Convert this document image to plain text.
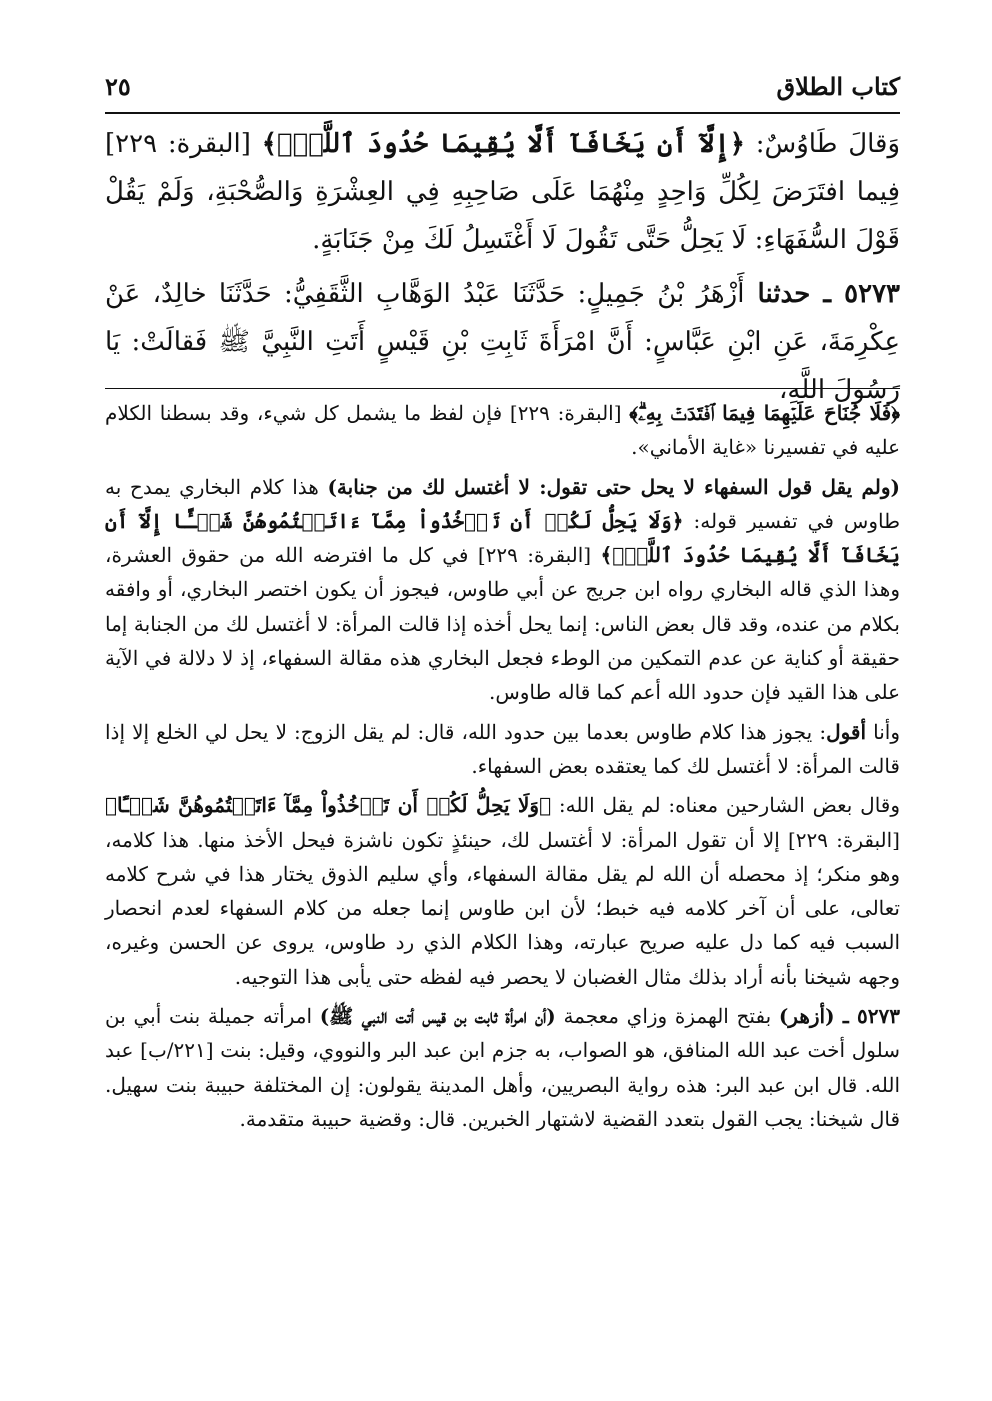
كتاب الطلاق
٢٥

وَقالَ طَاوُسٌ: ﴿إِلَّآ أَن يَخَافَآ أَلَّا يُقِيمَا حُدُودَ ٱللَّهِۖ﴾ [البقرة: ٢٢٩] فِيما افتَرَضَ لِكُلِّ وَاحِدٍ مِنْهُمَا عَلَى صَاحِبِهِ فِي العِشْرَةِ وَالصُّحْبَةِ، وَلَمْ يَقُلْ قَوْلَ السُّفَهَاءِ: لَا يَحِلُّ حَتَّى تَقُولَ لَا أَغْتَسِلُ لَكَ مِنْ جَنَابَةٍ.

٥٢٧٣ ـ حدثنا أَزْهَرُ بْنُ جَمِيلٍ: حَدَّثَنَا عَبْدُ الوَهَّابِ الثَّقَفِيُّ: حَدَّثَنَا خالِدٌ، عَنْ عِكْرِمَةَ، عَنِ ابْنِ عَبَّاسٍ: أَنَّ امْرَأَةَ ثَابِتِ بْنِ قَيْسٍ أَتَتِ النَّبِيَّ ﷺ فَقالَتْ: يَا رَسُولَ اللَّهِ،

﴿فَلَا جُنَاحَ عَلَيۡهِمَا فِيمَا ٱفۡتَدَتۡ بِهِۦۗ﴾ [البقرة: ٢٢٩] فإن لفظ ما يشمل كل شيء، وقد بسطنا الكلام عليه في تفسيرنا «غاية الأماني».

(ولم يقل قول السفهاء لا يحل حتى تقول: لا أغتسل لك من جنابة) هذا كلام البخاري يمدح به طاوس في تفسير قوله: ﴿وَلَا يَحِلُّ لَكُمۡ أَن تَأۡخُذُواْ مِمَّآ ءَاتَيۡتُمُوهُنَّ شَيۡـًٔا إِلَّآ أَن يَخَافَآ أَلَّا يُقِيمَا حُدُودَ ٱللَّهِۖ﴾ [البقرة: ٢٢٩] في كل ما افترضه الله من حقوق العشرة، وهذا الذي قاله البخاري رواه ابن جريج عن أبي طاوس، فيجوز أن يكون اختصر البخاري، أو وافقه بكلام من عنده، وقد قال بعض الناس: إنما يحل أخذه إذا قالت المرأة: لا أغتسل لك من الجنابة إما حقيقة أو كناية عن عدم التمكين من الوطء فجعل البخاري هذه مقالة السفهاء، إذ لا دلالة في الآية على هذا القيد فإن حدود الله أعم كما قاله طاوس.

وأنا أقول: يجوز هذا كلام طاوس بعدما بين حدود الله، قال: لم يقل الزوج: لا يحل لي الخلع إلا إذا قالت المرأة: لا أغتسل لك كما يعتقده بعض السفهاء.

وقال بعض الشارحين معناه: لم يقل الله: ﴿وَلَا يَحِلُّ لَكُمۡ أَن تَأۡخُذُواْ مِمَّآ ءَاتَيۡتُمُوهُنَّ شَيۡـًٔا﴾ [البقرة: ٢٢٩] إلا أن تقول المرأة: لا أغتسل لك، حينئذٍ تكون ناشزة فيحل الأخذ منها. هذا كلامه، وهو منكر؛ إذ محصله أن الله لم يقل مقالة السفهاء، وأي سليم الذوق يختار هذا في شرح كلامه تعالى، على أن آخر كلامه فيه خبط؛ لأن ابن طاوس إنما جعله من كلام السفهاء لعدم انحصار السبب فيه كما دل عليه صريح عبارته، وهذا الكلام الذي رد طاوس، يروى عن الحسن وغيره، وجهه شيخنا بأنه أراد بذلك مثال الغضبان لا يحصر فيه لفظه حتى يأبى هذا التوجيه.

٥٢٧٣ ـ (أزهر) بفتح الهمزة وزاي معجمة (أن امرأة ثابت بن قيس أتت النبي ﷺ) امرأته جميلة بنت أبي بن سلول أخت عبد الله المنافق، هو الصواب، به جزم ابن عبد البر والنووي، وقيل: بنت [٢٢١/ب] عبد الله. قال ابن عبد البر: هذه رواية البصريين، وأهل المدينة يقولون: إن المختلفة حبيبة بنت سهيل. قال شيخنا: يجب القول بتعدد القضية لاشتهار الخبرين. قال: وقضية حبيبة متقدمة.
